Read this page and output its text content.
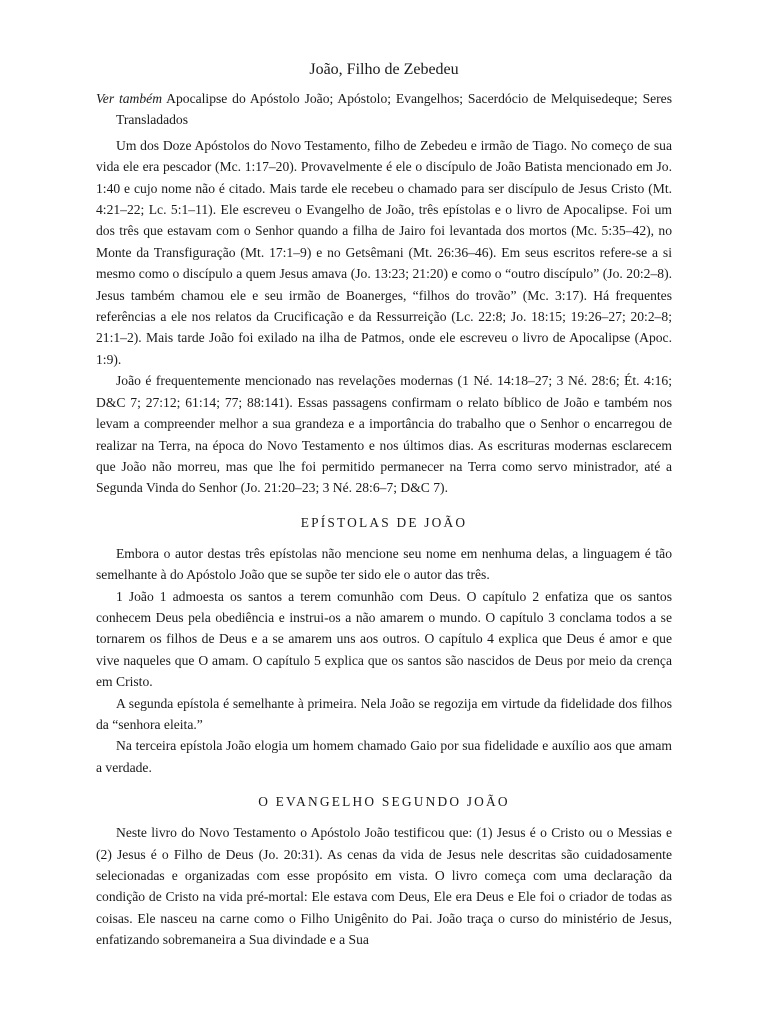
João, Filho de Zebedeu
Ver também Apocalipse do Apóstolo João; Apóstolo; Evangelhos; Sacerdócio de Melquisedeque; Seres Transladados

Um dos Doze Apóstolos do Novo Testamento, filho de Zebedeu e irmão de Tiago. No começo de sua vida ele era pescador (Mc. 1:17–20). Provavelmente é ele o discípulo de João Batista mencionado em Jo. 1:40 e cujo nome não é citado. Mais tarde ele recebeu o chamado para ser discípulo de Jesus Cristo (Mt. 4:21–22; Lc. 5:1–11). Ele escreveu o Evangelho de João, três epístolas e o livro de Apocalipse. Foi um dos três que estavam com o Senhor quando a filha de Jairo foi levantada dos mortos (Mc. 5:35–42), no Monte da Transfiguração (Mt. 17:1–9) e no Getsêmani (Mt. 26:36–46). Em seus escritos refere-se a si mesmo como o discípulo a quem Jesus amava (Jo. 13:23; 21:20) e como o “outro discípulo” (Jo. 20:2–8). Jesus também chamou ele e seu irmão de Boanerges, “filhos do trovão” (Mc. 3:17). Há frequentes referências a ele nos relatos da Crucificação e da Ressurreição (Lc. 22:8; Jo. 18:15; 19:26–27; 20:2–8; 21:1–2). Mais tarde João foi exilado na ilha de Patmos, onde ele escreveu o livro de Apocalipse (Apoc. 1:9).

João é frequentemente mencionado nas revelações modernas (1 Né. 14:18–27; 3 Né. 28:6; Ét. 4:16; D&C 7; 27:12; 61:14; 77; 88:141). Essas passagens confirmam o relato bíblico de João e também nos levam a compreender melhor a sua grandeza e a importância do trabalho que o Senhor o encarregou de realizar na Terra, na época do Novo Testamento e nos últimos dias. As escrituras modernas esclarecem que João não morreu, mas que lhe foi permitido permanecer na Terra como servo ministrador, até a Segunda Vinda do Senhor (Jo. 21:20–23; 3 Né. 28:6–7; D&C 7).

EPÍSTOLAS DE JOÃO

Embora o autor destas três epístolas não mencione seu nome em nenhuma delas, a linguagem é tão semelhante à do Apóstolo João que se supõe ter sido ele o autor das três.

1 João 1 admoesta os santos a terem comunhão com Deus. O capítulo 2 enfatiza que os santos conhecem Deus pela obediência e instrui-os a não amarem o mundo. O capítulo 3 conclama todos a se tornarem os filhos de Deus e a se amarem uns aos outros. O capítulo 4 explica que Deus é amor e que vive naqueles que O amam. O capítulo 5 explica que os santos são nascidos de Deus por meio da crença em Cristo.

A segunda epístola é semelhante à primeira. Nela João se regozija em virtude da fidelidade dos filhos da “senhora eleita.”

Na terceira epístola João elogia um homem chamado Gaio por sua fidelidade e auxílio aos que amam a verdade.

O EVANGELHO SEGUNDO JOÃO

Neste livro do Novo Testamento o Apóstolo João testificou que: (1) Jesus é o Cristo ou o Messias e (2) Jesus é o Filho de Deus (Jo. 20:31). As cenas da vida de Jesus nele descritas são cuidadosamente selecionadas e organizadas com esse propósito em vista. O livro começa com uma declaração da condição de Cristo na vida pré-mortal: Ele estava com Deus, Ele era Deus e Ele foi o criador de todas as coisas. Ele nasceu na carne como o Filho Unigênito do Pai. João traça o curso do ministério de Jesus, enfatizando sobremaneira a Sua divindade e a Sua
